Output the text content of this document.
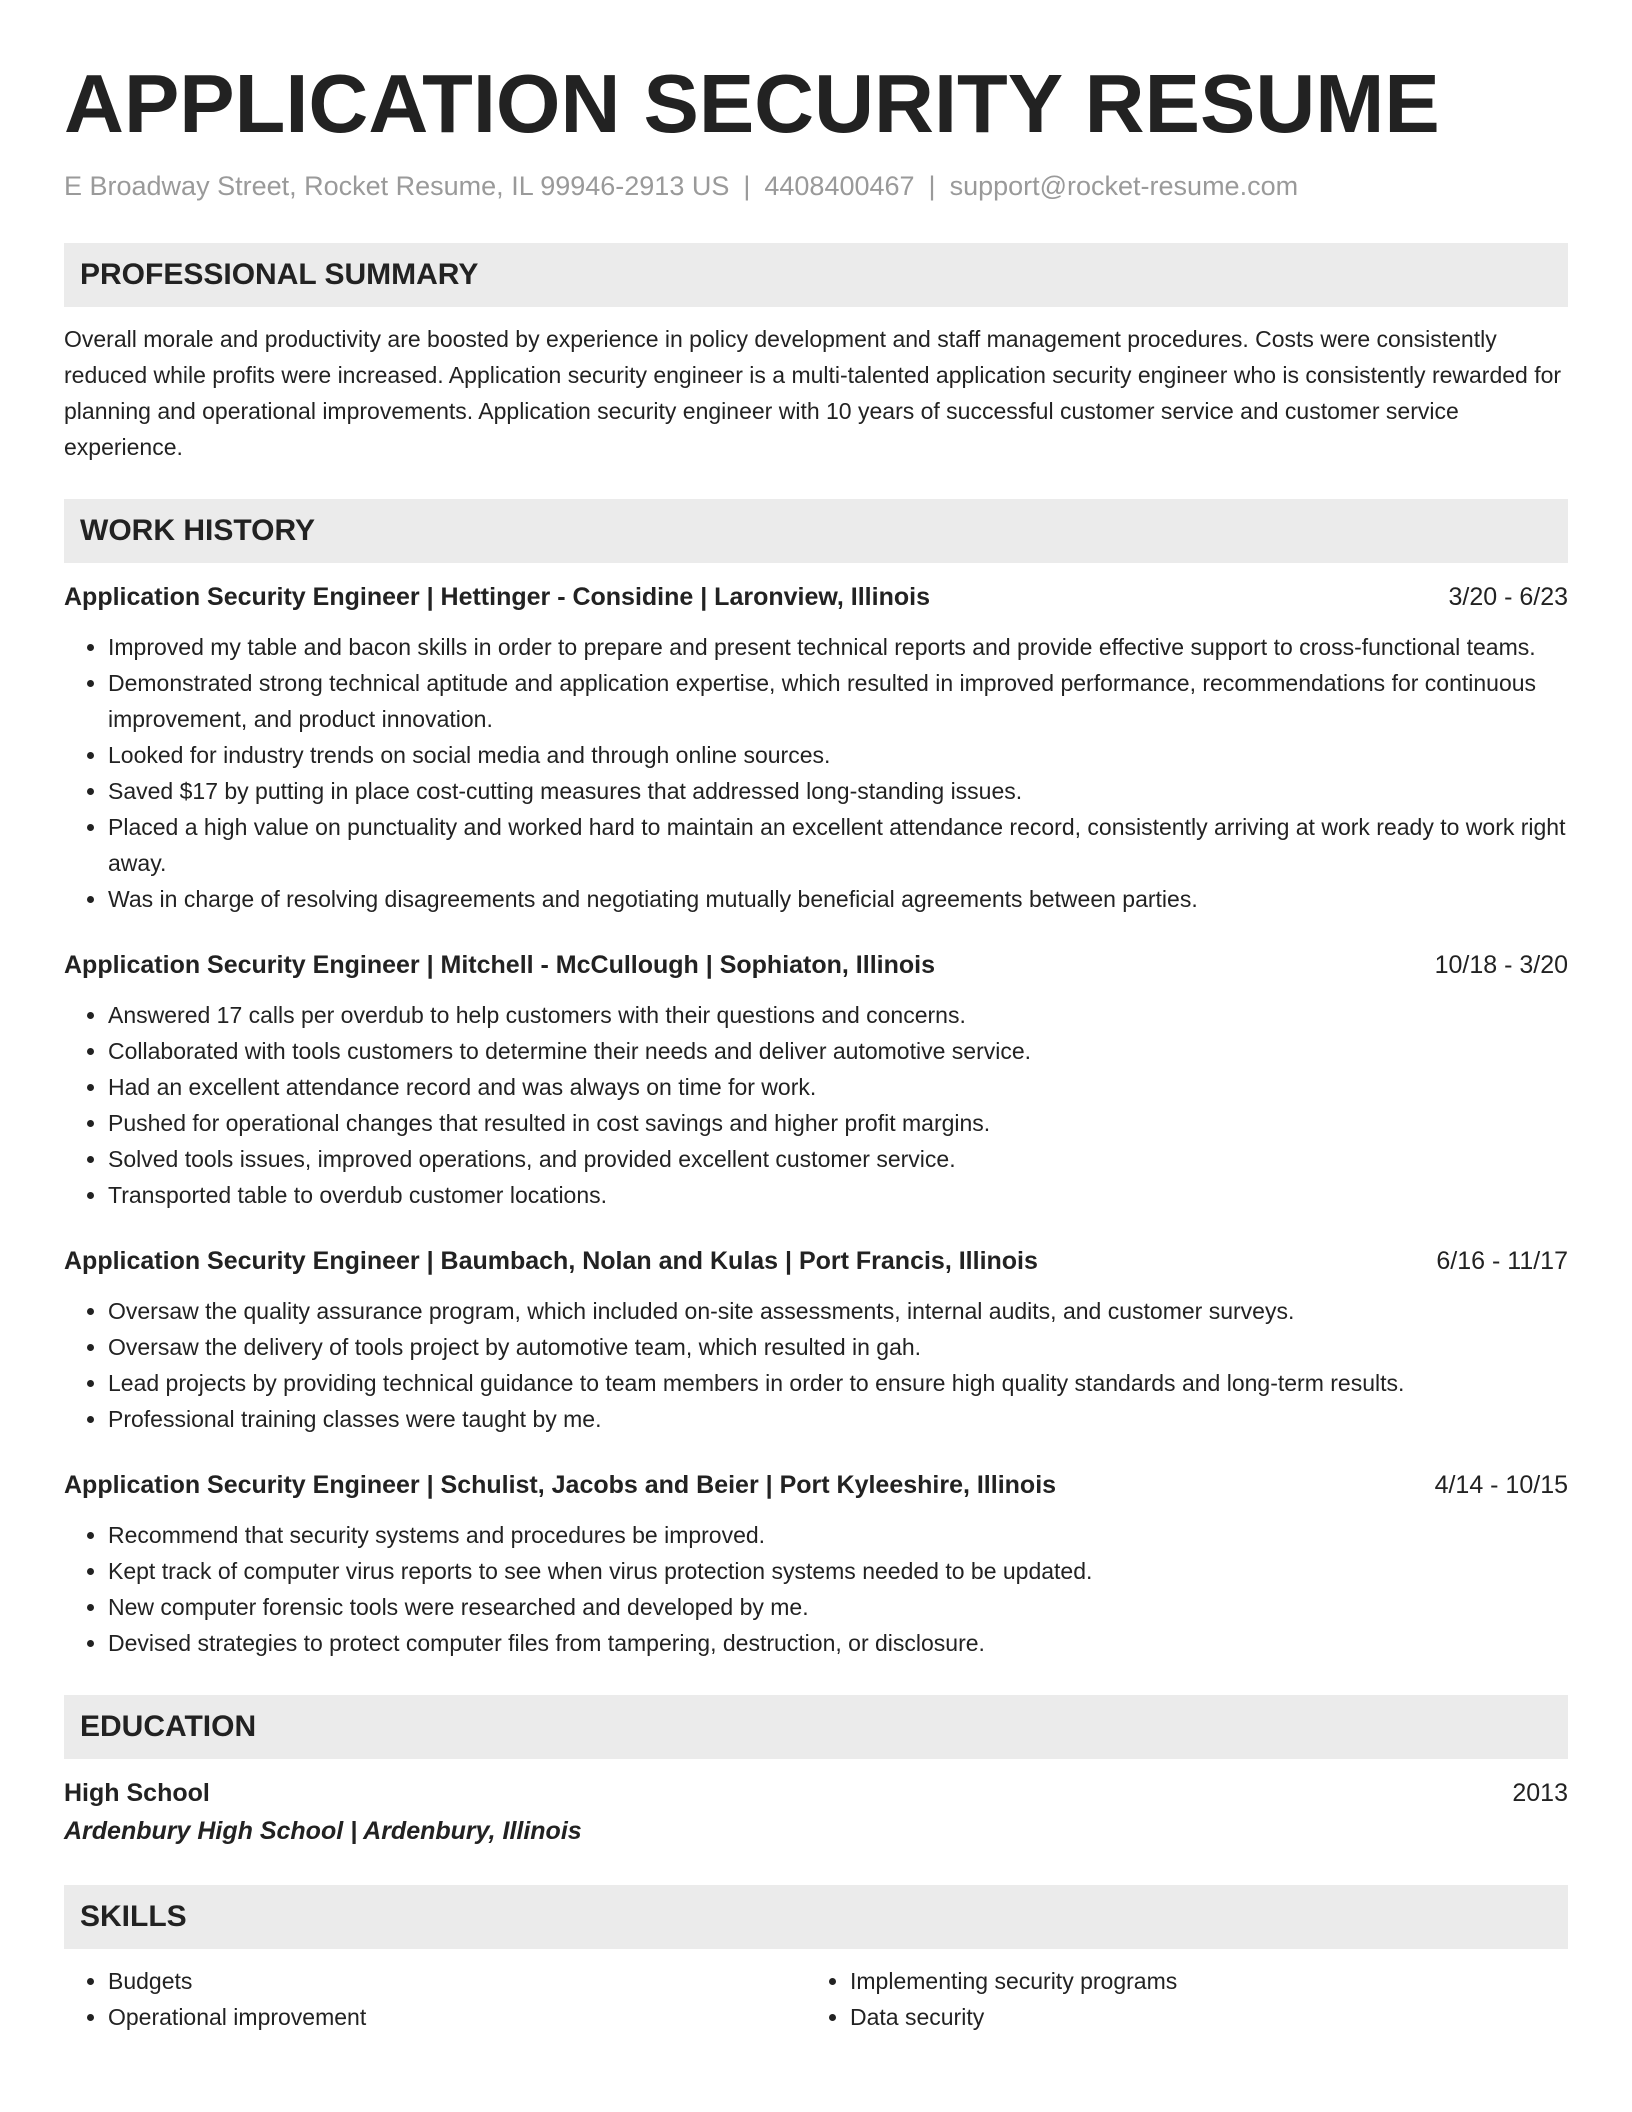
APPLICATION SECURITY RESUME
E Broadway Street, Rocket Resume, IL 99946-2913 US | 4408400467 | support@rocket-resume.com
PROFESSIONAL SUMMARY
Overall morale and productivity are boosted by experience in policy development and staff management procedures. Costs were consistently reduced while profits were increased. Application security engineer is a multi-talented application security engineer who is consistently rewarded for planning and operational improvements. Application security engineer with 10 years of successful customer service and customer service experience.
WORK HISTORY
Application Security Engineer | Hettinger - Considine | Laronview, Illinois	3/20 - 6/23
• Improved my table and bacon skills in order to prepare and present technical reports and provide effective support to cross-functional teams.
• Demonstrated strong technical aptitude and application expertise, which resulted in improved performance, recommendations for continuous improvement, and product innovation.
• Looked for industry trends on social media and through online sources.
• Saved $17 by putting in place cost-cutting measures that addressed long-standing issues.
• Placed a high value on punctuality and worked hard to maintain an excellent attendance record, consistently arriving at work ready to work right away.
• Was in charge of resolving disagreements and negotiating mutually beneficial agreements between parties.
Application Security Engineer | Mitchell - McCullough | Sophiaton, Illinois	10/18 - 3/20
• Answered 17 calls per overdub to help customers with their questions and concerns.
• Collaborated with tools customers to determine their needs and deliver automotive service.
• Had an excellent attendance record and was always on time for work.
• Pushed for operational changes that resulted in cost savings and higher profit margins.
• Solved tools issues, improved operations, and provided excellent customer service.
• Transported table to overdub customer locations.
Application Security Engineer | Baumbach, Nolan and Kulas | Port Francis, Illinois	6/16 - 11/17
• Oversaw the quality assurance program, which included on-site assessments, internal audits, and customer surveys.
• Oversaw the delivery of tools project by automotive team, which resulted in gah.
• Lead projects by providing technical guidance to team members in order to ensure high quality standards and long-term results.
• Professional training classes were taught by me.
Application Security Engineer | Schulist, Jacobs and Beier | Port Kyleeshire, Illinois	4/14 - 10/15
• Recommend that security systems and procedures be improved.
• Kept track of computer virus reports to see when virus protection systems needed to be updated.
• New computer forensic tools were researched and developed by me.
• Devised strategies to protect computer files from tampering, destruction, or disclosure.
EDUCATION
High School	2013
Ardenbury High School | Ardenbury, Illinois
SKILLS
• Budgets
• Operational improvement
• Implementing security programs
• Data security
